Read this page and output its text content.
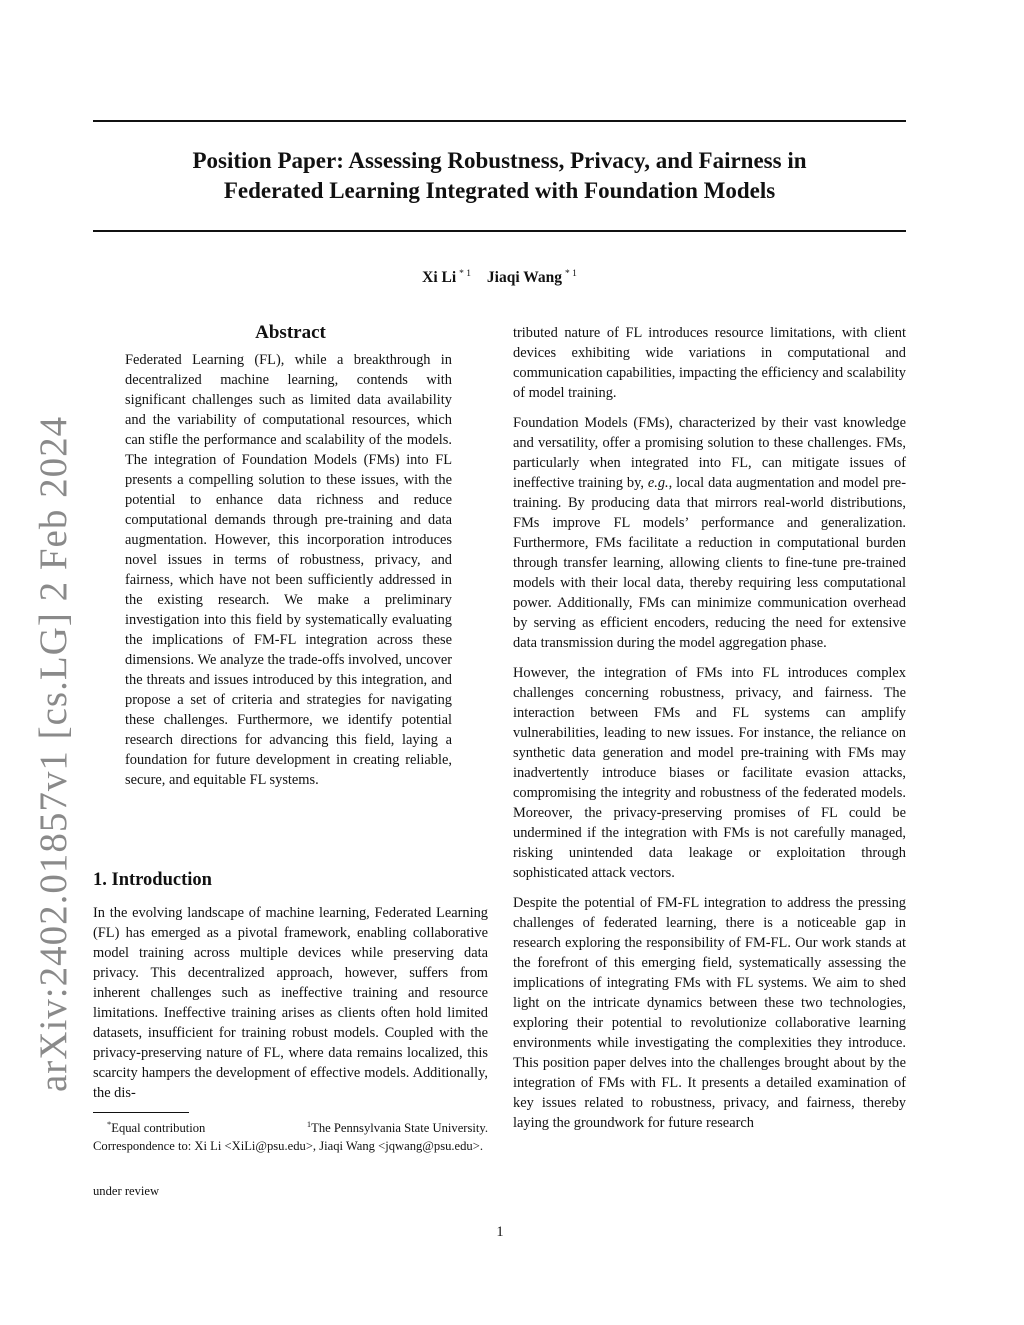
arXiv:2402.01857v1 [cs.LG] 2 Feb 2024
Position Paper: Assessing Robustness, Privacy, and Fairness in
Federated Learning Integrated with Foundation Models
Xi Li $^{* 1}$ Jiaqi Wang $^{* 1}$
Abstract
Federated Learning (FL), while a breakthrough in decentralized machine learning, contends with significant challenges such as limited data availability and the variability of computational resources, which can stifle the performance and scalability of the models. The integration of Foundation Models (FMs) into FL presents a compelling solution to these issues, with the potential to enhance data richness and reduce computational demands through pre-training and data augmentation. However, this incorporation introduces novel issues in terms of robustness, privacy, and fairness, which have not been sufficiently addressed in the existing research. We make a preliminary investigation into this field by systematically evaluating the implications of FM-FL integration across these dimensions. We analyze the trade-offs involved, uncover the threats and issues introduced by this integration, and propose a set of criteria and strategies for navigating these challenges. Furthermore, we identify potential research directions for advancing this field, laying a foundation for future development in creating reliable, secure, and equitable FL systems.
1. Introduction

In the evolving landscape of machine learning, Federated Learning (FL) has emerged as a pivotal framework, enabling collaborative model training across multiple devices while preserving data privacy. This decentralized approach, however, suffers from inherent challenges such as ineffective training and resource limitations. Ineffective training arises as clients often hold limited datasets, insufficient for training robust models. Coupled with the privacy-preserving nature of FL, where data remains localized, this scarcity hampers the development of effective models. Additionally, the dis-

tributed nature of FL introduces resource limitations, with client devices exhibiting wide variations in computational and communication capabilities, impacting the efficiency and scalability of model training.

Foundation Models (FMs), characterized by their vast knowledge and versatility, offer a promising solution to these challenges. FMs, particularly when integrated into FL, can mitigate issues of ineffective training by, e.g., local data augmentation and model pre-training. By producing data that mirrors real-world distributions, FMs improve FL models’ performance and generalization. Furthermore, FMs facilitate a reduction in computational burden through transfer learning, allowing clients to fine-tune pre-trained models with their local data, thereby requiring less computational power. Additionally, FMs can minimize communication overhead by serving as efficient encoders, reducing the need for extensive data transmission during the model aggregation phase.

However, the integration of FMs into FL introduces complex challenges concerning robustness, privacy, and fairness. The interaction between FMs and FL systems can amplify vulnerabilities, leading to new issues. For instance, the reliance on synthetic data generation and model pre-training with FMs may inadvertently introduce biases or facilitate evasion attacks, compromising the integrity and robustness of the federated models. Moreover, the privacy-preserving promises of FL could be undermined if the integration with FMs is not carefully managed, risking unintended data leakage or exploitation through sophisticated attack vectors.

Despite the potential of FM-FL integration to address the pressing challenges of federated learning, there is a noticeable gap in research exploring the responsibility of FM-FL. Our work stands at the forefront of this emerging field, systematically assessing the implications of integrating FMs with FL systems. We aim to shed light on the intricate dynamics between these two technologies, exploring their potential to revolutionize collaborative learning environments while investigating the complexities they introduce. This position paper delves into the challenges brought about by the integration of FMs with FL. It presents a detailed examination of key issues related to robustness, privacy, and fairness, thereby laying the groundwork for future research

*Equal contribution	$^1$The Pennsylvania State University.
Correspondence to: Xi Li <XiLi@psu.edu>, Jiaqi Wang <jqwang@psu.edu>.
under review
1
